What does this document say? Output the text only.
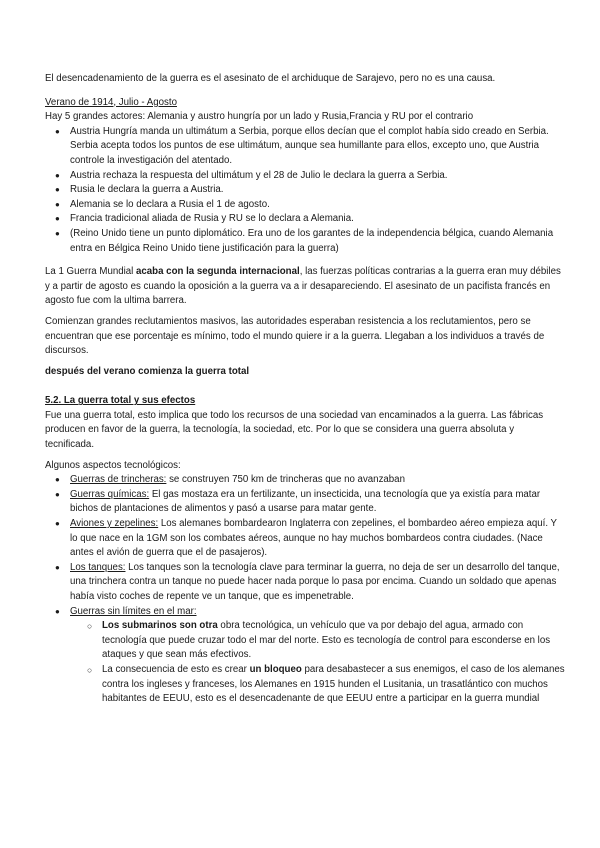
El desencadenamiento de la guerra es el asesinato de el archiduque de Sarajevo, pero no es una causa.

Verano de 1914, Julio - Agosto

Hay 5 grandes actores: Alemania y austro hungría por un lado y Rusia,Francia y RU por el contrario

● Austria Hungría manda un ultimátum a Serbia, porque ellos decían que el complot había sido creado en Serbia. Serbia acepta todos los puntos de ese ultimátum, aunque sea humillante para ellos, excepto uno, que Austria controle la investigación del atentado.
● Austria rechaza la respuesta del ultimátum y el 28 de Julio le declara la guerra a Serbia.
● Rusia le declara la guerra a Austria.
● Alemania se lo declara a Rusia el 1 de agosto.
● Francia tradicional aliada de Rusia y RU se lo declara a Alemania.
● (Reino Unido tiene un punto diplomático. Era uno de los garantes de la independencia bélgica, cuando Alemania entra en Bélgica Reino Unido tiene justificación para la guerra)

La 1 Guerra Mundial acaba con la segunda internacional, las fuerzas políticas contrarias a la guerra eran muy débiles y a partir de agosto es cuando la oposición a la guerra va a ir desapareciendo. El asesinato de un pacifista francés en agosto fue com la ultima barrera.

Comienzan grandes reclutamientos masivos, las autoridades esperaban resistencia a los reclutamientos, pero se encuentran que ese porcentaje es mínimo, todo el mundo quiere ir a la guerra. Llegaban a los individuos a través de discursos.

después del verano comienza la guerra total

5.2. La guerra total y sus efectos

Fue una guerra total, esto implica que todo los recursos de una sociedad van encaminados a la guerra. Las fábricas producen en favor de la guerra, la tecnología, la sociedad, etc. Por lo que se considera una guerra absoluta y tecnificada.

Algunos aspectos tecnológicos:

● Guerras de trincheras: se construyen 750 km de trincheras que no avanzaban
● Guerras químicas: El gas mostaza era un fertilizante, un insecticida, una tecnología que ya existía para matar bichos de plantaciones de alimentos y pasó a usarse para matar gente.
● Aviones y zepelines: Los alemanes bombardearon Inglaterra con zepelines, el bombardeo aéreo empieza aquí. Y lo que nace en la 1GM son los combates aéreos, aunque no hay muchos bombardeos contra ciudades. (Nace antes el avión de guerra que el de pasajeros).
● Los tanques: Los tanques son la tecnología clave para terminar la guerra, no deja de ser un desarrollo del tanque, una trinchera contra un tanque no puede hacer nada porque lo pasa por encima. Cuando un soldado que apenas había visto coches de repente ve un tanque, que es impenetrable.
● Guerras sin límites en el mar:
○ Los submarinos son otra obra tecnológica, un vehículo que va por debajo del agua, armado con tecnología que puede cruzar todo el mar del norte. Esto es tecnología de control para esconderse en los ataques y que sean más efectivos.
○ La consecuencia de esto es crear un bloqueo para desabastecer a sus enemigos, el caso de los alemanes contra los ingleses y franceses, los Alemanes en 1915 hunden el Lusitania, un trasatlántico con muchos habitantes de EEUU, esto es el desencadenante de que EEUU entre a participar en la guerra mundial
